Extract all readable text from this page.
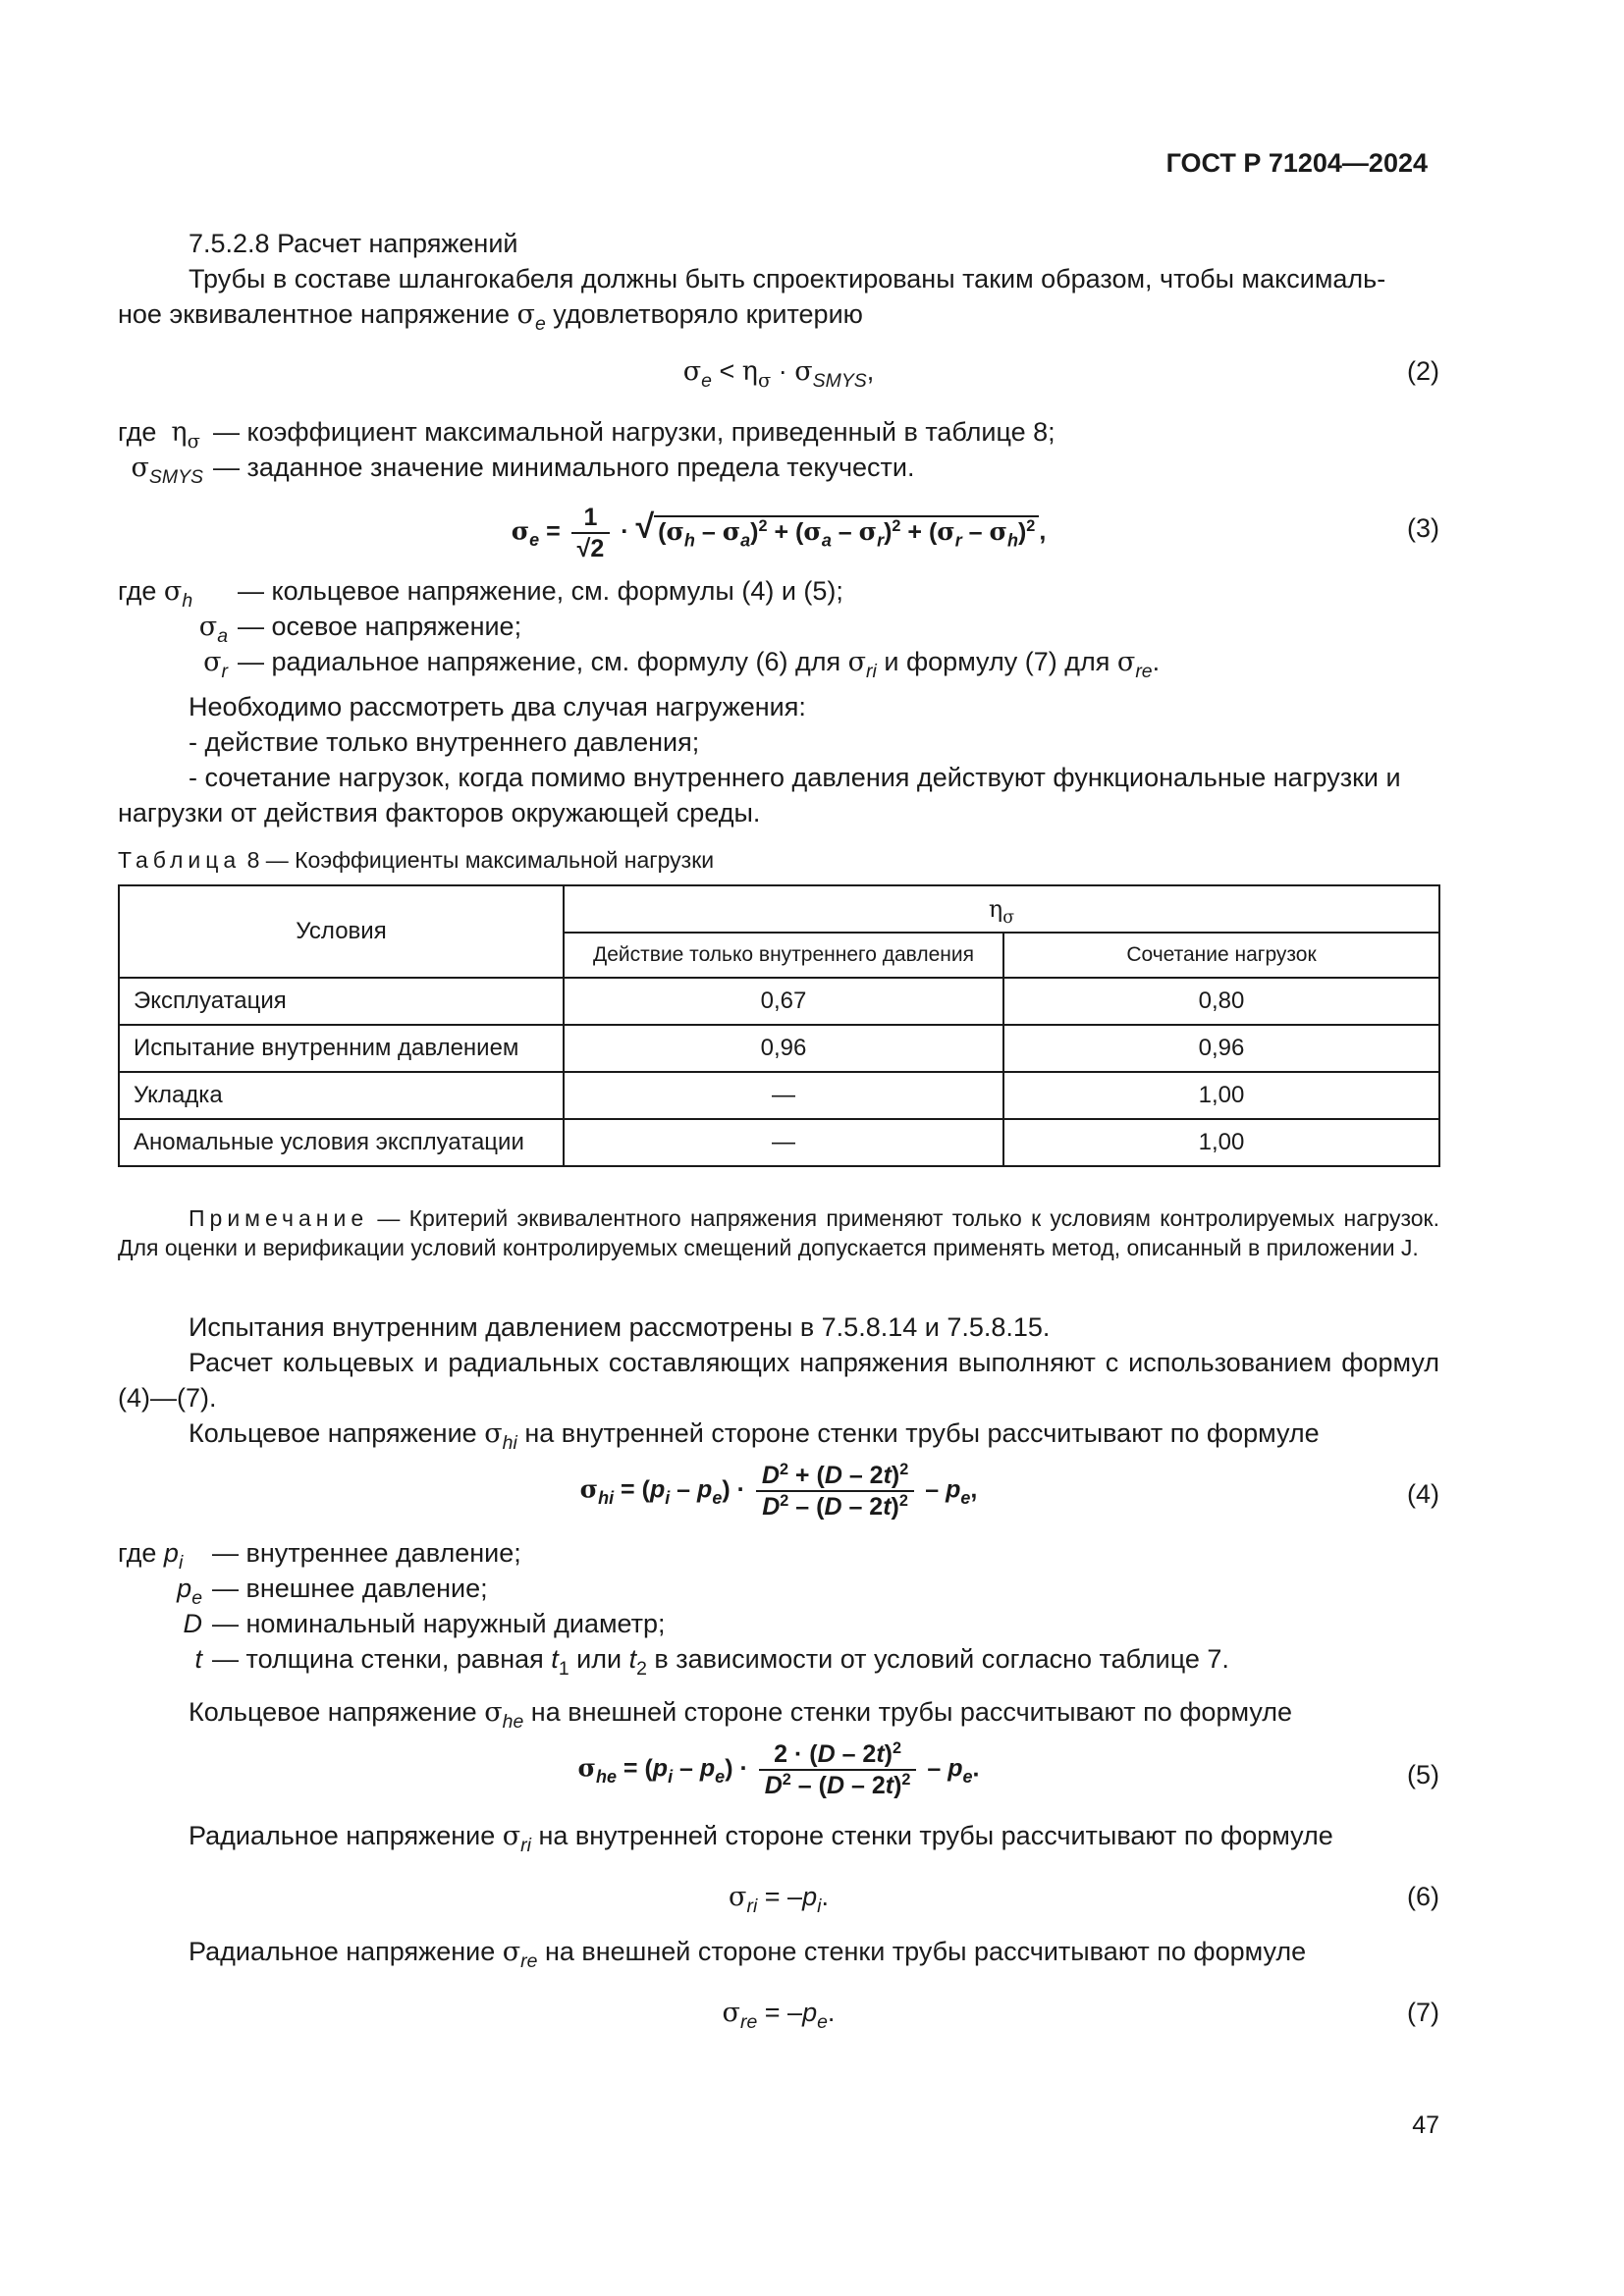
ГОСТ Р 71204—2024
7.5.2.8 Расчет напряжений
Трубы в составе шлангокабеля должны быть спроектированы таким образом, чтобы максималь-
ное эквивалентное напряжение $\sigma_e$ удовлетворяло критерию
$\sigma_e < \eta_\sigma \cdot \sigma_{SMYS}$,	(2)
где $\eta_\sigma$ — коэффициент максимальной нагрузки, приведенный в таблице 8;
$\sigma_{SMYS}$ — заданное значение минимального предела текучести.
$\sigma_e = \frac{1}{√2}$ · √ $(\sigma_h - \sigma_a)^2 + (\sigma_a - \sigma_r)^2 + (\sigma_r - \sigma_h)^2$ ,	(3)
где $\sigma_h$ — кольцевое напряжение, см. формулы (4) и (5);
$\sigma_a$ — осевое напряжение;
$\sigma_r$ — радиальное напряжение, см. формулу (6) для $\sigma_{ri}$ и формулу (7) для $\sigma_{re}$.
Необходимо рассмотреть два случая нагружения:
- действие только внутреннего давления;
- сочетание нагрузок, когда помимо внутреннего давления действуют функциональные нагрузки и
нагрузки от действия факторов окружающей среды.
Таблица 8 — Коэффициенты максимальной нагрузки
Условия	$\eta_\sigma$
	Действие только внутреннего давления	Сочетание нагрузок
Эксплуатация	0,67	0,80
Испытание внутренним давлением	0,96	0,96
Укладка	—	1,00
Аномальные условия эксплуатации	—	1,00
Примечание — Критерий эквивалентного напряжения применяют только к условиям контролируемых нагрузок. Для оценки и верификации условий контролируемых смещений допускается применять метод, описанный в приложении J.
Испытания внутренним давлением рассмотрены в 7.5.8.14 и 7.5.8.15.
Расчет кольцевых и радиальных составляющих напряжения выполняют с использованием формул (4)—(7).
Кольцевое напряжение $\sigma_{hi}$ на внутренней стороне стенки трубы рассчитывают по формуле
$\sigma_{hi} = (p_i - p_e) \cdot \frac{D^2 + (D - 2t)^2}{D^2 - (D - 2t)^2} - p_e$,	(4)
где $p_i$ — внутреннее давление;
$p_e$ — внешнее давление;
D — номинальный наружный диаметр;
t — толщина стенки, равная $t_1$ или $t_2$ в зависимости от условий согласно таблице 7.
Кольцевое напряжение $\sigma_{he}$ на внешней стороне стенки трубы рассчитывают по формуле
$\sigma_{he} = (p_i - p_e) \cdot \frac{2 \cdot (D - 2t)^2}{D^2 - (D - 2t)^2} - p_e$.	(5)
Радиальное напряжение $\sigma_{ri}$ на внутренней стороне стенки трубы рассчитывают по формуле
$\sigma_{ri} = -p_i$.	(6)
Радиальное напряжение $\sigma_{re}$ на внешней стороне стенки трубы рассчитывают по формуле
$\sigma_{re} = -p_e$.	(7)
47
